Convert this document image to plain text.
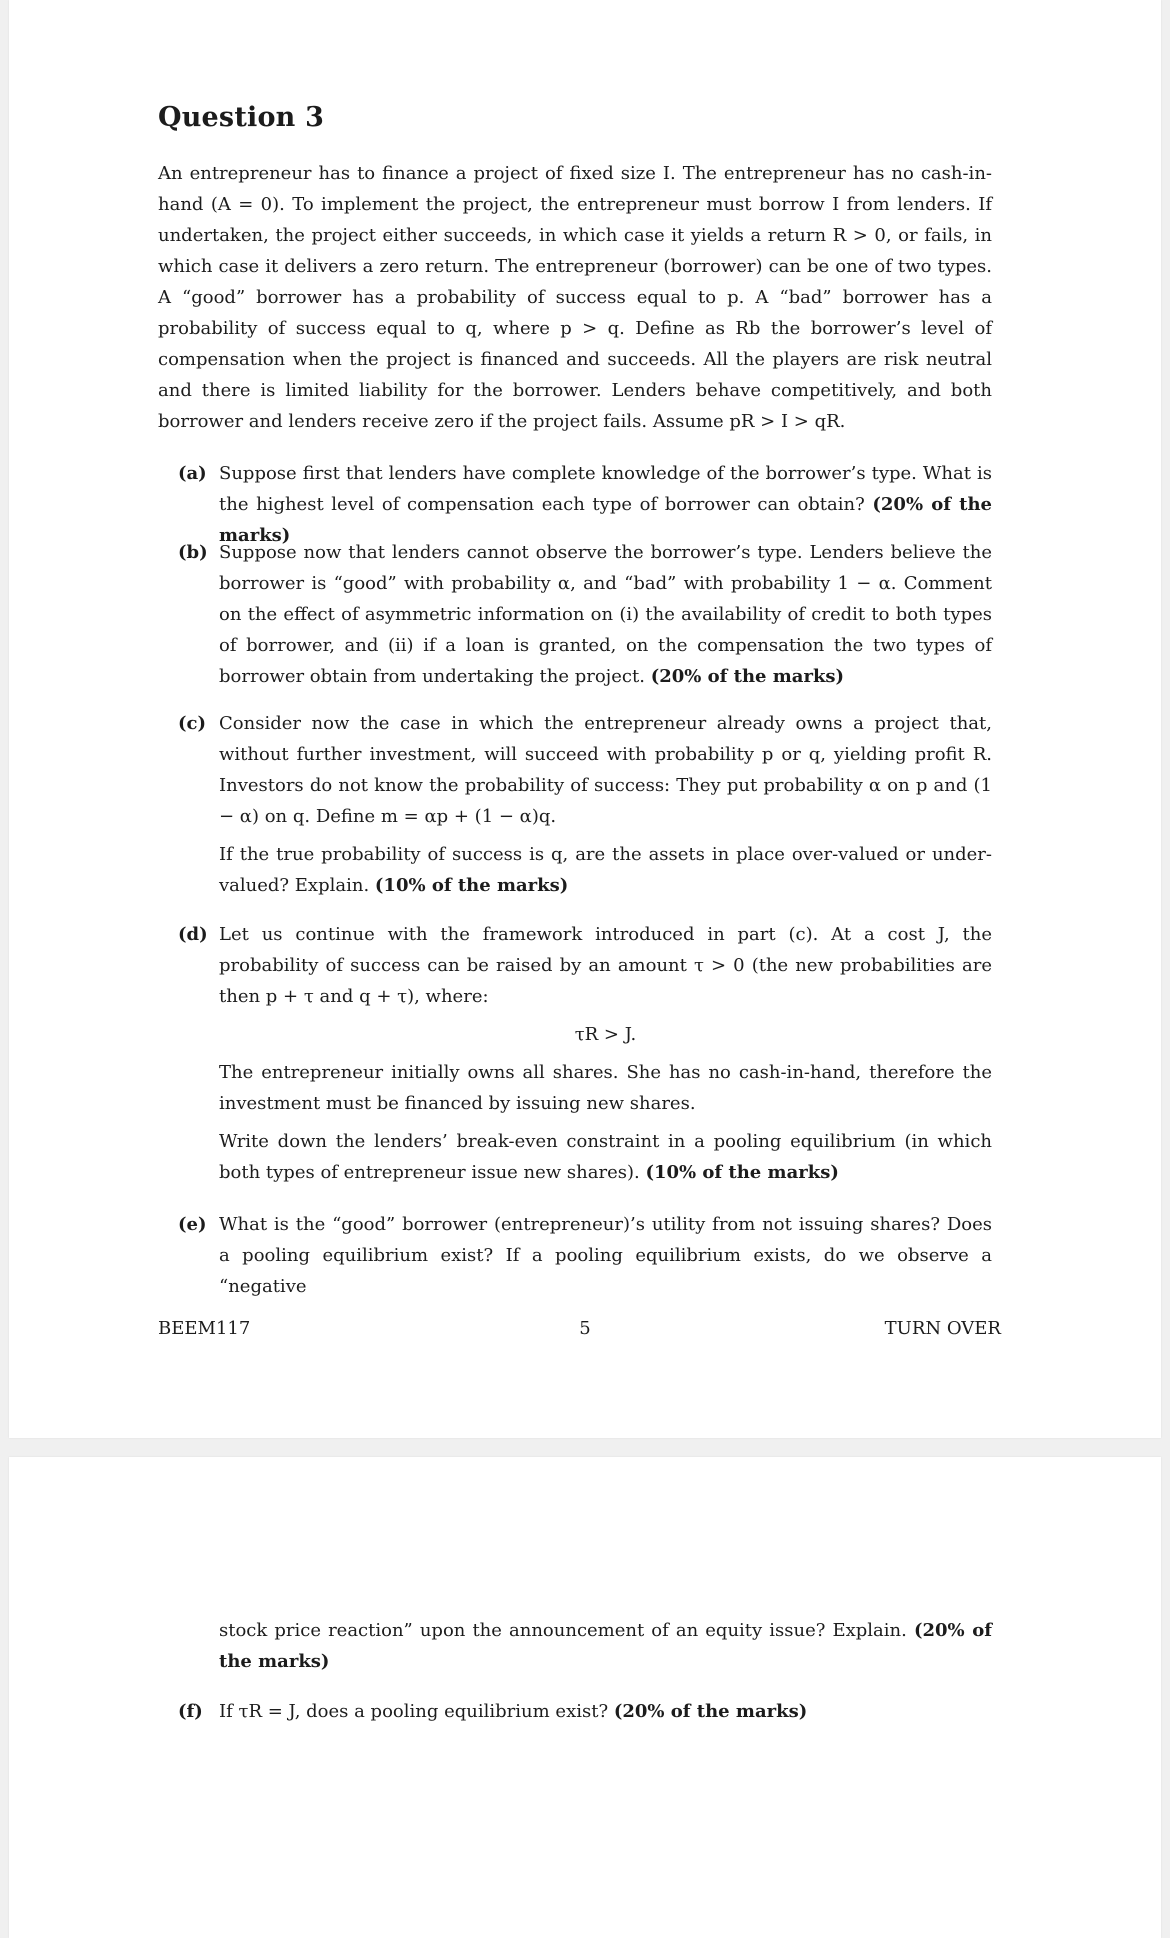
Question 3

An entrepreneur has to finance a project of fixed size I. The entrepreneur has no cash-in-hand (A = 0). To implement the project, the entrepreneur must borrow I from lenders. If undertaken, the project either succeeds, in which case it yields a return R > 0, or fails, in which case it delivers a zero return. The entrepreneur (borrower) can be one of two types. A “good” borrower has a probability of success equal to p. A “bad” borrower has a probability of success equal to q, where p > q. Define as Rb the borrower’s level of compensation when the project is financed and succeeds. All the players are risk neutral and there is limited liability for the borrower. Lenders behave competitively, and both borrower and lenders receive zero if the project fails. Assume pR > I > qR.

(a) Suppose first that lenders have complete knowledge of the borrower’s type. What is the highest level of compensation each type of borrower can obtain? (20% of the marks)

(b) Suppose now that lenders cannot observe the borrower’s type. Lenders believe the borrower is “good” with probability α, and “bad” with probability 1 − α. Comment on the effect of asymmetric information on (i) the availability of credit to both types of borrower, and (ii) if a loan is granted, on the compensation the two types of borrower obtain from undertaking the project. (20% of the marks)

(c) Consider now the case in which the entrepreneur already owns a project that, without further investment, will succeed with probability p or q, yielding profit R. Investors do not know the probability of success: They put probability α on p and (1 − α) on q. Define m = αp + (1 − α)q.

If the true probability of success is q, are the assets in place over-valued or under-valued? Explain. (10% of the marks)

(d) Let us continue with the framework introduced in part (c). At a cost J, the probability of success can be raised by an amount τ > 0 (the new probabilities are then p + τ and q + τ), where:

τR > J.

The entrepreneur initially owns all shares. She has no cash-in-hand, therefore the investment must be financed by issuing new shares.

Write down the lenders’ break-even constraint in a pooling equilibrium (in which both types of entrepreneur issue new shares). (10% of the marks)

(e) What is the “good” borrower (entrepreneur)’s utility from not issuing shares? Does a pooling equilibrium exist? If a pooling equilibrium exists, do we observe a “negative

BEEM117	5	TURN OVER

stock price reaction” upon the announcement of an equity issue? Explain. (20% of the marks)

(f) If τR = J, does a pooling equilibrium exist? (20% of the marks)
